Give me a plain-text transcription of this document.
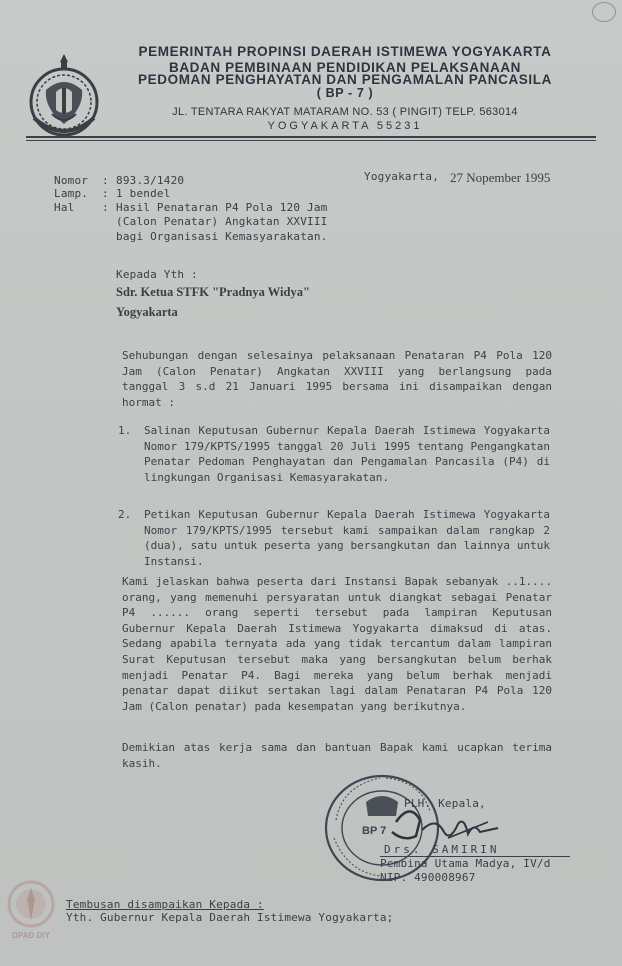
PEMERINTAH PROPINSI DAERAH ISTIMEWA YOGYAKARTA
BADAN PEMBINAAN PENDIDIKAN PELAKSANAAN
PEDOMAN PENGHAYATAN DAN PENGAMALAN PANCASILA
( BP - 7 )
JL. TENTARA RAKYAT MATARAM NO. 53 ( PINGIT) TELP. 563014
YOGYAKARTA 55231
Nomor : 893.3/1420
Lamp. : 1 bendel
Hal	: Hasil Penataran P4 Pola 120 Jam
(Calon Penatar) Angkatan XXVIII
bagi Organisasi Kemasyarakatan.
Yogyakarta, 27 Nopember 1995
Kepada Yth :
Sdr. Ketua STFK "Pradnya Widya"
Yogyakarta
Sehubungan dengan selesainya pelaksanaan Penataran P4 Pola 120 Jam (Calon Penatar) Angkatan XXVIII yang berlangsung pada tanggal 3 s.d 21 Januari 1995 bersama ini disampaikan dengan hormat :
1. Salinan Keputusan Gubernur Kepala Daerah Istimewa Yogyakarta Nomor 179/KPTS/1995 tanggal 20 Juli 1995 tentang Pengangkatan Penatar Pedoman Penghayatan dan Pengamalan Pancasila (P4) di lingkungan Organisasi Kemasyarakatan.
2. Petikan Keputusan Gubernur Kepala Daerah Istimewa Yogyakarta Nomor 179/KPTS/1995 tersebut kami sampaikan dalam rangkap 2 (dua), satu untuk peserta yang bersangkutan dan lainnya untuk Instansi.
Kami jelaskan bahwa peserta dari Instansi Bapak sebanyak ..1.... orang, yang memenuhi persyaratan untuk diangkat sebagai Penatar P4 ...... orang seperti tersebut pada lampiran Keputusan Gubernur Kepala Daerah Istimewa Yogyakarta dimaksud di atas. Sedang apabila ternyata ada yang tidak tercantum dalam lampiran Surat Keputusan tersebut maka yang bersangkutan belum berhak menjadi Penatar P4. Bagi mereka yang belum berhak menjadi penatar dapat diikut sertakan lagi dalam Penataran P4 Pola 120 Jam (Calon penatar) pada kesempatan yang berikutnya.
Demikian atas kerja sama dan bantuan Bapak kami ucapkan terima kasih.
BP 7
PLH. Kepala,
Drs. SAMIRIN
Pembina Utama Madya, IV/d
NIP. 490008967
Tembusan disampaikan Kepada :
Yth. Gubernur Kepala Daerah Istimewa Yogyakarta;
DPAD DIY
